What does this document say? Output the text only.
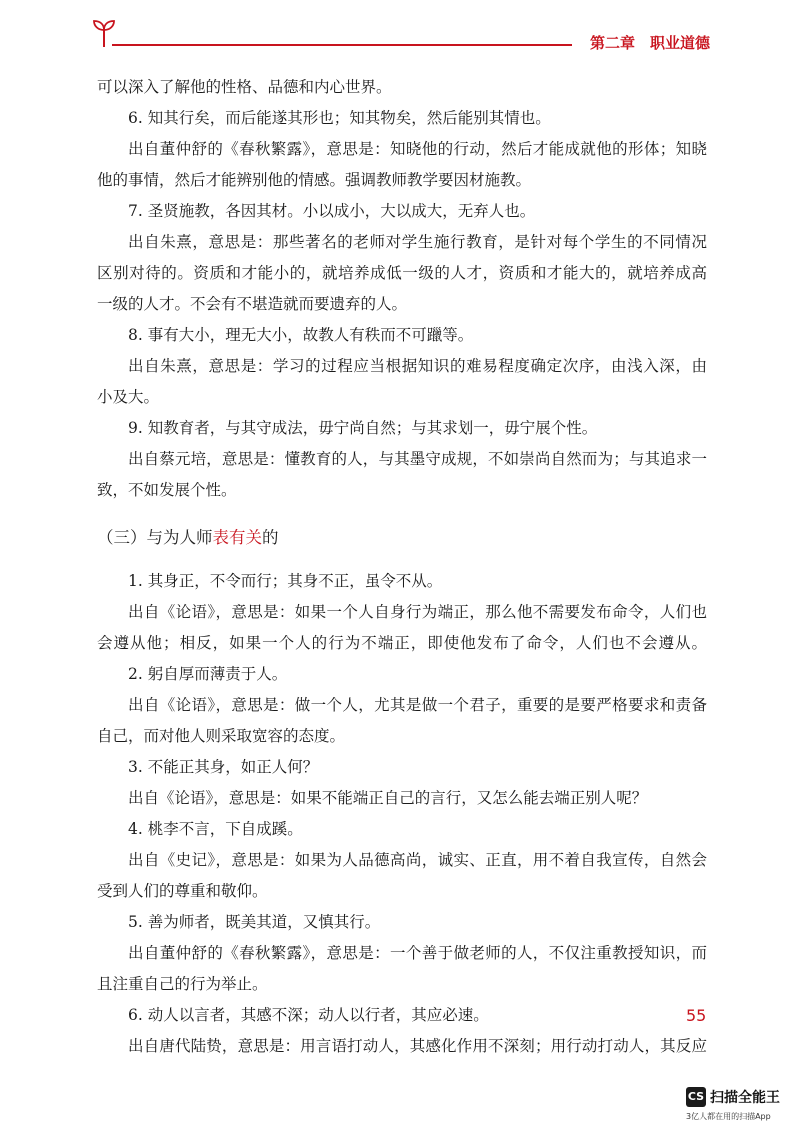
第二章　职业道德
可以深入了解他的性格、品德和内心世界。
6. 知其行矣，而后能遂其形也；知其物矣，然后能别其情也。
出自董仲舒的《春秋繁露》，意思是：知晓他的行动，然后才能成就他的形体；知晓
他的事情，然后才能辨别他的情感。强调教师教学要因材施教。
7. 圣贤施教，各因其材。小以成小，大以成大，无弃人也。
出自朱熹，意思是：那些著名的老师对学生施行教育，是针对每个学生的不同情况
区别对待的。资质和才能小的，就培养成低一级的人才，资质和才能大的，就培养成高
一级的人才。不会有不堪造就而要遗弃的人。
8. 事有大小，理无大小，故教人有秩而不可躐等。
出自朱熹，意思是：学习的过程应当根据知识的难易程度确定次序，由浅入深，由
小及大。
9. 知教育者，与其守成法，毋宁尚自然；与其求划一，毋宁展个性。
出自蔡元培，意思是：懂教育的人，与其墨守成规，不如崇尚自然而为；与其追求一
致，不如发展个性。
（三）与为人师表有关的
1. 其身正，不令而行；其身不正，虽令不从。
出自《论语》，意思是：如果一个人自身行为端正，那么他不需要发布命令，人们也
会遵从他；相反，如果一个人的行为不端正，即使他发布了命令，人们也不会遵从。
2. 躬自厚而薄责于人。
出自《论语》，意思是：做一个人，尤其是做一个君子，重要的是要严格要求和责备
自己，而对他人则采取宽容的态度。
3. 不能正其身，如正人何？
出自《论语》，意思是：如果不能端正自己的言行，又怎么能去端正别人呢？
4. 桃李不言，下自成蹊。
出自《史记》，意思是：如果为人品德高尚，诚实、正直，用不着自我宣传，自然会
受到人们的尊重和敬仰。
5. 善为师者，既美其道，又慎其行。
出自董仲舒的《春秋繁露》，意思是：一个善于做老师的人，不仅注重教授知识，而
且注重自己的行为举止。
6. 动人以言者，其感不深；动人以行者，其应必速。
出自唐代陆贽，意思是：用言语打动人，其感化作用不深刻；用行动打动人，其反应
55
CS 扫描全能王
3亿人都在用的扫描App
